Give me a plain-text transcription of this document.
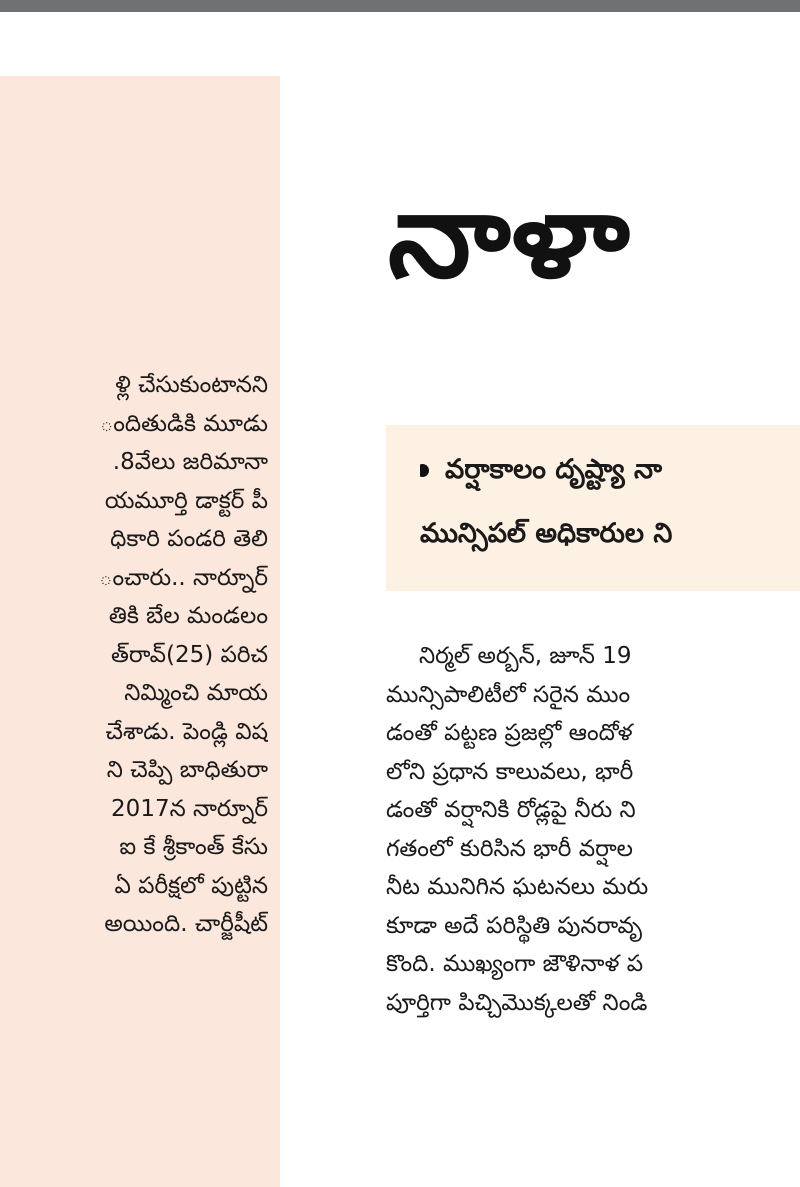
ళ్లి చేసుకుంటానని
ందితుడికి మూడు
.8వేలు జరిమానా
యమూర్తి డాక్టర్ పీ
ధికారి పండరి తెలి
ంచారు.. నార్నూర్
తికి బేల మండలం
త్‌రావ్(25) పరిచ
నిమ్మించి మాయ
చేశాడు. పెండ్లి విష
ని చెప్పి బాధితురా
2017న నార్నూర్
ఐ కే శ్రీకాంత్ కేసు
ఏ పరీక్షలో పుట్టిన
అయింది. చార్జీషీట్
నాళా
వర్షాకాలం దృష్ట్యా నా
మున్సిపల్ అధికారుల ని
నిర్మల్ అర్బన్, జూన్ 19
మున్సిపాలిటీలో సరైన ముం
డంతో పట్టణ ప్రజల్లో ఆందోళ
లోని ప్రధాన కాలువలు, భారీ
డంతో వర్షానికి రోడ్లపై నీరు ని
గతంలో కురిసిన భారీ వర్షాల
నీట మునిగిన ఘటనలు మరు
కూడా అదే పరిస్థితి పునరావృ
కొంది. ముఖ్యంగా జౌళినాళ ప
పూర్తిగా పిచ్చిమొక్కలతో నిండి
